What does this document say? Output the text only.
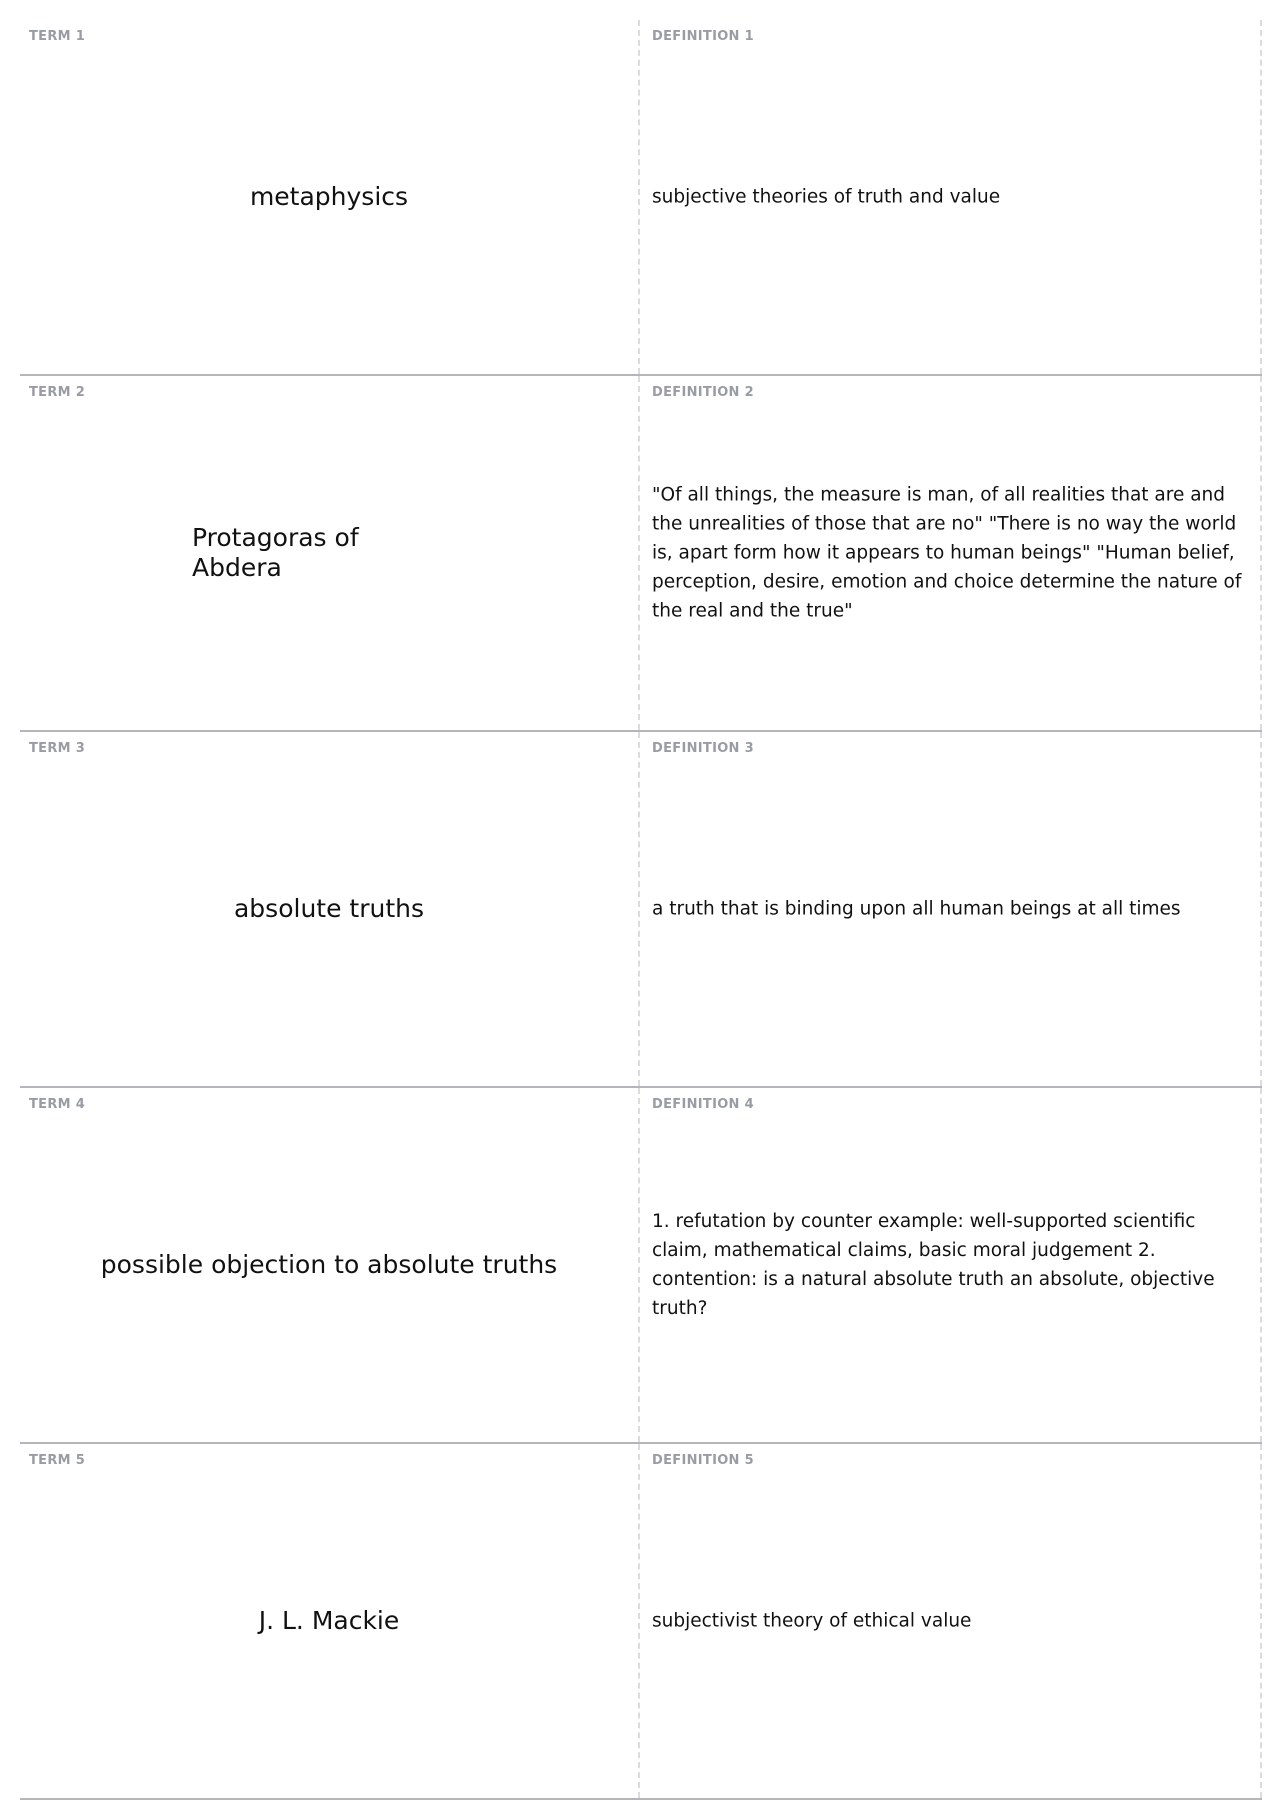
TERM 1
metaphysics
DEFINITION 1
subjective theories of truth and value
TERM 2
Protagoras of Abdera
DEFINITION 2
"Of all things, the measure is man, of all realities that are and the unrealities of those that are no" "There is no way the world is, apart form how it appears to human beings" "Human belief, perception, desire, emotion and choice determine the nature of the real and the true"
TERM 3
absolute truths
DEFINITION 3
a truth that is binding upon all human beings at all times
TERM 4
possible objection to absolute truths
DEFINITION 4
1. refutation by counter example: well-supported scientific claim, mathematical claims, basic moral judgement 2. contention: is a natural absolute truth an absolute, objective truth?
TERM 5
J. L. Mackie
DEFINITION 5
subjectivist theory of ethical value
